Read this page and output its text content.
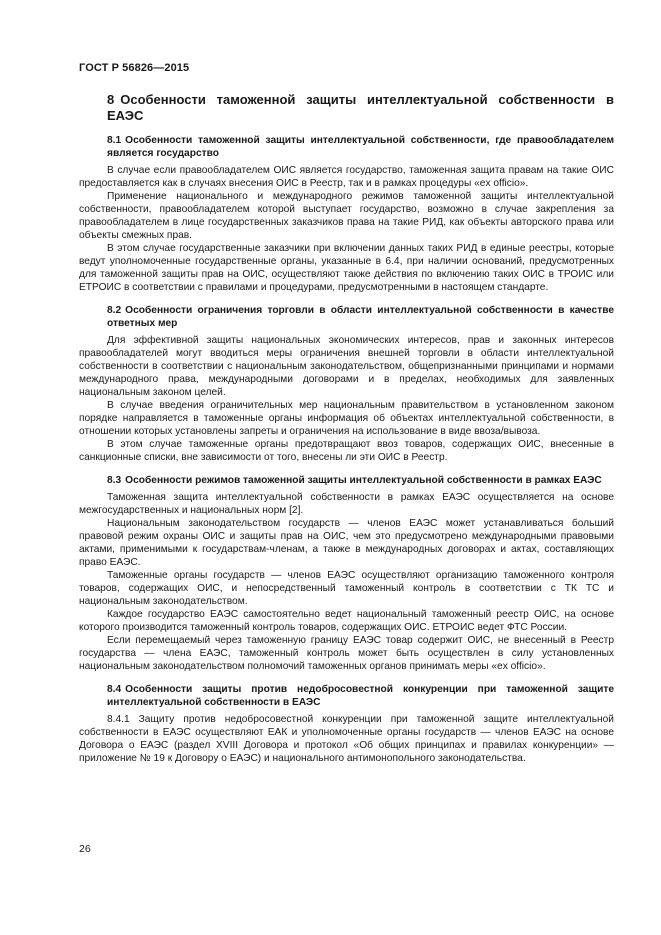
ГОСТ Р 56826—2015
8 Особенности таможенной защиты интеллектуальной собственности в ЕАЭС
8.1 Особенности таможенной защиты интеллектуальной собственности, где правообладателем является государство

В случае если правообладателем ОИС является государство, таможенная защита правам на такие ОИС предоставляется как в случаях внесения ОИС в Реестр, так и в рамках процедуры «ex officio».

Применение национального и международного режимов таможенной защиты интеллектуальной собственности, правообладателем которой выступает государство, возможно в случае закрепления за правообладателем в лице государственных заказчиков права на такие РИД, как объекты авторского права или объекты смежных прав.

В этом случае государственные заказчики при включении данных таких РИД в единые реестры, которые ведут уполномоченные государственные органы, указанные в 6.4, при наличии оснований, предусмотренных для таможенной защиты прав на ОИС, осуществляют также действия по включению таких ОИС в ТРОИС или ЕТРОИС в соответствии с правилами и процедурами, предусмотренными в настоящем стандарте.

8.2 Особенности ограничения торговли в области интеллектуальной собственности в качестве ответных мер

Для эффективной защиты национальных экономических интересов, прав и законных интересов правообладателей могут вводиться меры ограничения внешней торговли в области интеллектуальной собственности в соответствии с национальным законодательством, общепризнанными принципами и нормами международного права, международными договорами и в пределах, необходимых для заявленных национальным законом целей.

В случае введения ограничительных мер национальным правительством в установленном законом порядке направляется в таможенные органы информация об объектах интеллектуальной собственности, в отношении которых установлены запреты и ограничения на использование в виде ввоза/вывоза.

В этом случае таможенные органы предотвращают ввоз товаров, содержащих ОИС, внесенные в санкционные списки, вне зависимости от того, внесены ли эти ОИС в Реестр.

8.3 Особенности режимов таможенной защиты интеллектуальной собственности в рамках ЕАЭС

Таможенная защита интеллектуальной собственности в рамках ЕАЭС осуществляется на основе межгосударственных и национальных норм [2].

Национальным законодательством государств — членов ЕАЭС может устанавливаться больший правовой режим охраны ОИС и защиты прав на ОИС, чем это предусмотрено международными правовыми актами, применимыми к государствам-членам, а также в международных договорах и актах, составляющих право ЕАЭС.

Таможенные органы государств — членов ЕАЭС осуществляют организацию таможенного контроля товаров, содержащих ОИС, и непосредственный таможенный контроль в соответствии с ТК ТС и национальным законодательством.

Каждое государство ЕАЭС самостоятельно ведет национальный таможенный реестр ОИС, на основе которого производится таможенный контроль товаров, содержащих ОИС. ЕТРОИС ведет ФТС России.

Если перемещаемый через таможенную границу ЕАЭС товар содержит ОИС, не внесенный в Реестр государства — члена ЕАЭС, таможенный контроль может быть осуществлен в силу установленных национальным законодательством полномочий таможенных органов принимать меры «ex officio».

8.4 Особенности защиты против недобросовестной конкуренции при таможенной защите интеллектуальной собственности в ЕАЭС

8.4.1 Защиту против недобросовестной конкуренции при таможенной защите интеллектуальной собственности в ЕАЭС осуществляют ЕАК и уполномоченные органы государств — членов ЕАЭС на основе Договора о ЕАЭС (раздел XVIII Договора и протокол «Об общих принципах и правилах конкуренции» — приложение № 19 к Договору о ЕАЭС) и национального антимонопольного законодательства.

26
